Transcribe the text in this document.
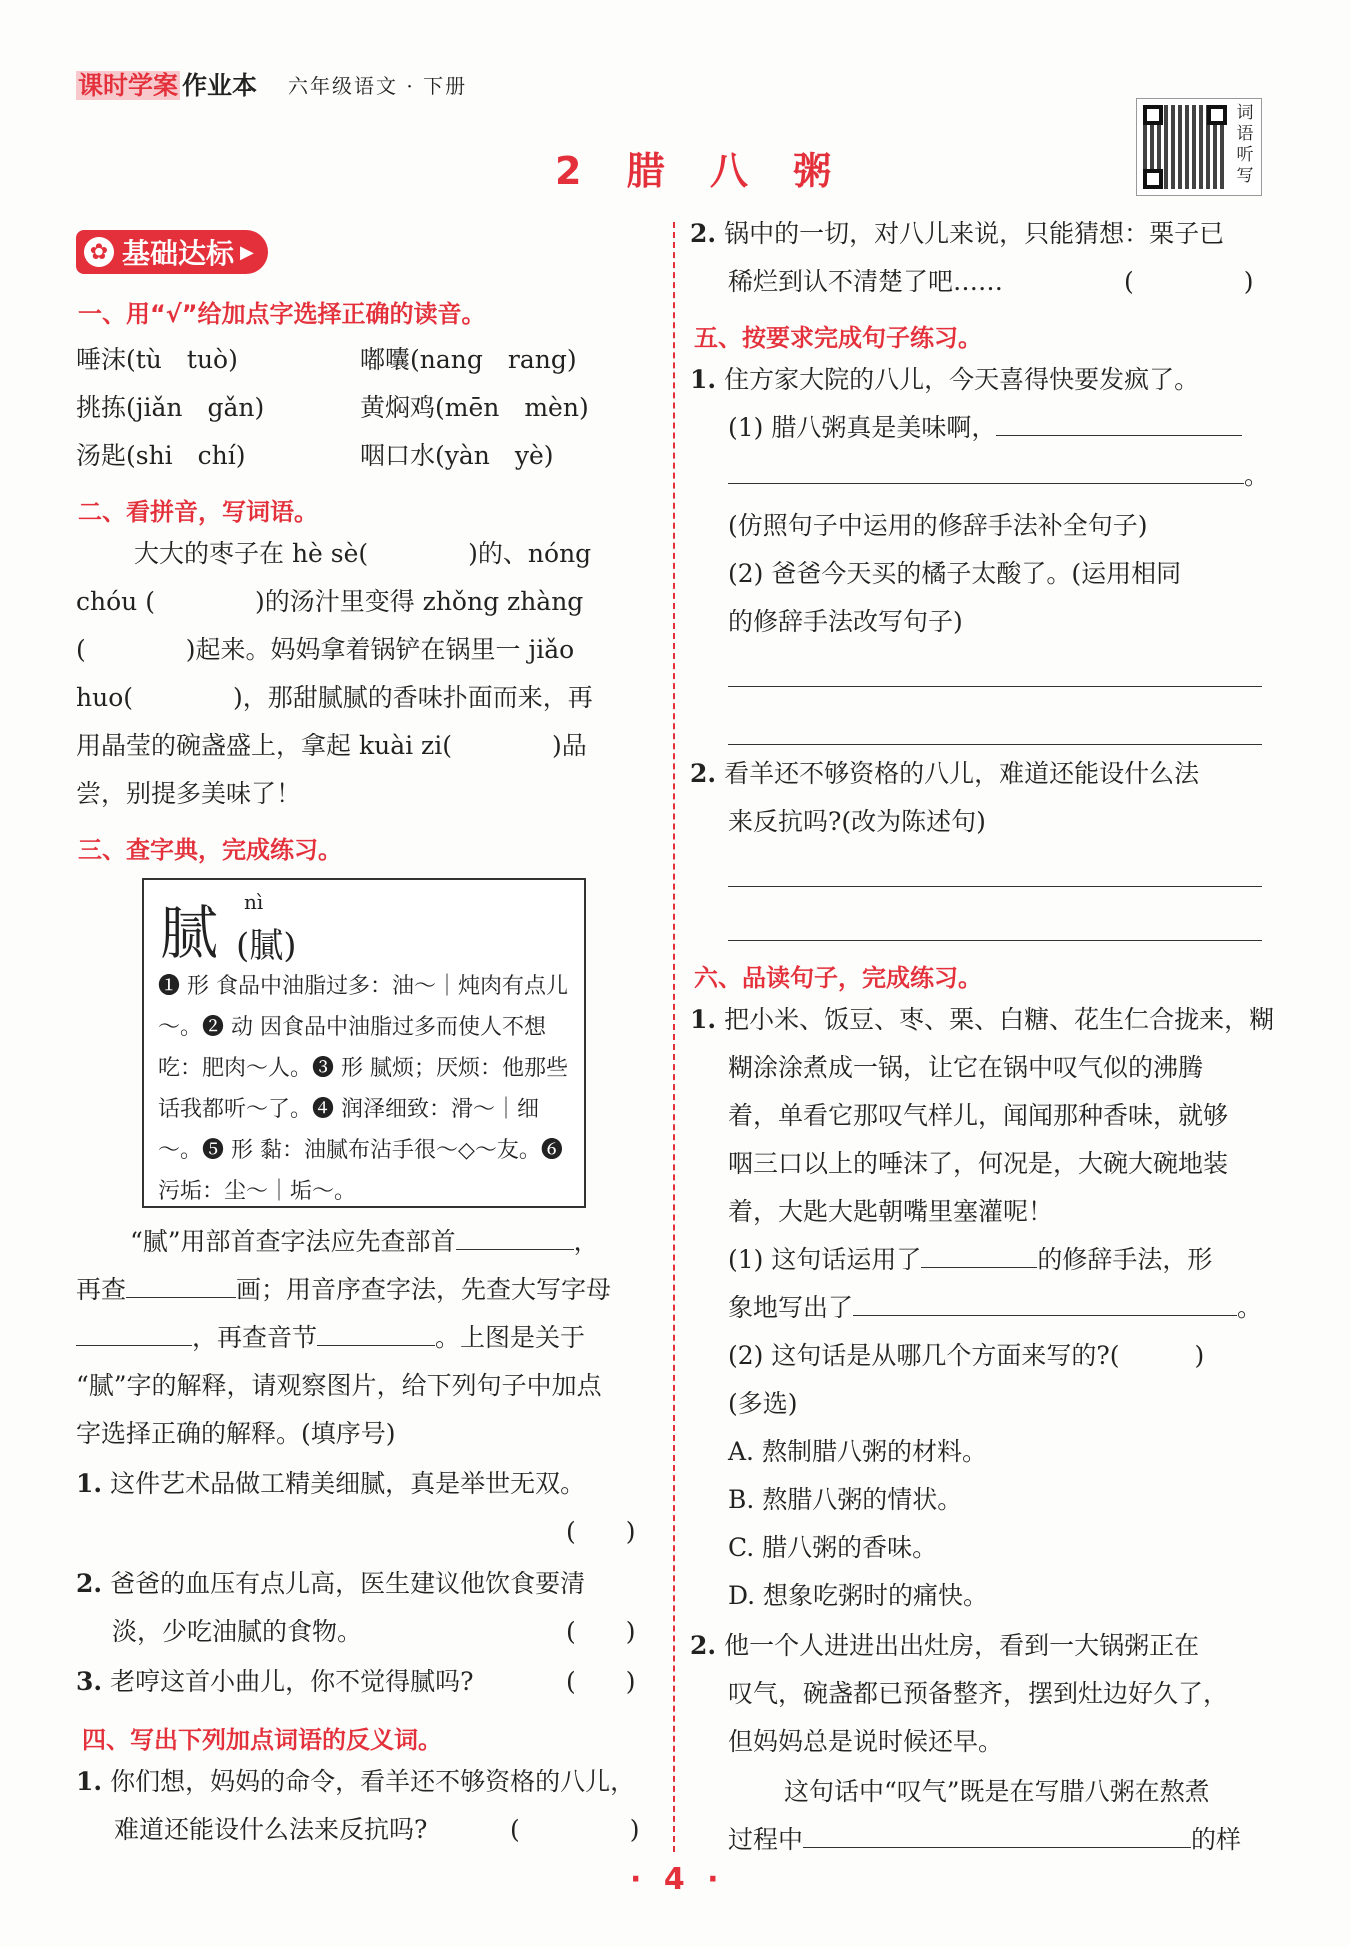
课时学案 作业本 六年级语文 · 下册
2 腊 八 粥
词
语
听
写
✿ 基础达标 ▶
一、用“√”给加点字选择正确的读音。
唾沫(tù　tuò)	嘟囔(nang　rang)
挑拣(jiǎn　gǎn)	黄焖鸡(mēn　mèn)
汤匙(shi　chí)	咽口水(yàn　yè)
二、看拼音，写词语。
大大的枣子在 hè sè(　　　　)的、nóng
chóu (　　　　)的汤汁里变得 zhǒng zhàng
(　　　　)起来。妈妈拿着锅铲在锅里一 jiǎo
huo(　　　　)，那甜腻腻的香味扑面而来，再
用晶莹的碗盏盛上，拿起 kuài zi(　　　　)品
尝，别提多美味了！
三、查字典，完成练习。
腻 nì
(膩)
❶ 形 食品中油脂过多：油～｜炖肉有点儿～。❷ 动 因食品中油脂过多而使人不想吃：肥肉～人。❸ 形 腻烦；厌烦：他那些话我都听～了。❹ 润泽细致：滑～｜细～。❺ 形 黏：油腻布沾手很～◇～友。❻ 污垢：尘～｜垢～。
“腻”用部首查字法应先查部首	，
再查	画；用音序查字法，先查大写字母
，再查音节	。上图是关于
“腻”字的解释，请观察图片，给下列句子中加点
字选择正确的解释。(填序号)
1. 这件艺术品做工精美细腻，真是举世无双。
(　　)
2. 爸爸的血压有点儿高，医生建议他饮食要清
淡，少吃油腻的食物。	(　　)
3. 老哼这首小曲儿，你不觉得腻吗?	(　　)
四、写出下列加点词语的反义词。
1. 你们想，妈妈的命令，看羊还不够资格的八儿，
难道还能设什么法来反抗吗?	(	)
2. 锅中的一切，对八儿来说，只能猜想：栗子已
稀烂到认不清楚了吧……	(	)
五、按要求完成句子练习。
1. 住方家大院的八儿，今天喜得快要发疯了。
(1) 腊八粥真是美味啊，
。
(仿照句子中运用的修辞手法补全句子)
(2) 爸爸今天买的橘子太酸了。(运用相同
的修辞手法改写句子)
2. 看羊还不够资格的八儿，难道还能设什么法
来反抗吗?(改为陈述句)
六、品读句子，完成练习。
1. 把小米、饭豆、枣、栗、白糖、花生仁合拢来，糊
糊涂涂煮成一锅，让它在锅中叹气似的沸腾
着，单看它那叹气样儿，闻闻那种香味，就够
咽三口以上的唾沫了，何况是，大碗大碗地装
着，大匙大匙朝嘴里塞灌呢！
(1) 这句话运用了	的修辞手法，形
象地写出了	。
(2) 这句话是从哪几个方面来写的?(　　　)
(多选)
A. 熬制腊八粥的材料。
B. 熬腊八粥的情状。
C. 腊八粥的香味。
D. 想象吃粥时的痛快。
2. 他一个人进进出出灶房，看到一大锅粥正在
叹气，碗盏都已预备整齐，摆到灶边好久了，
但妈妈总是说时候还早。
这句话中“叹气”既是在写腊八粥在熬煮
过程中	的样
· 4 ·
